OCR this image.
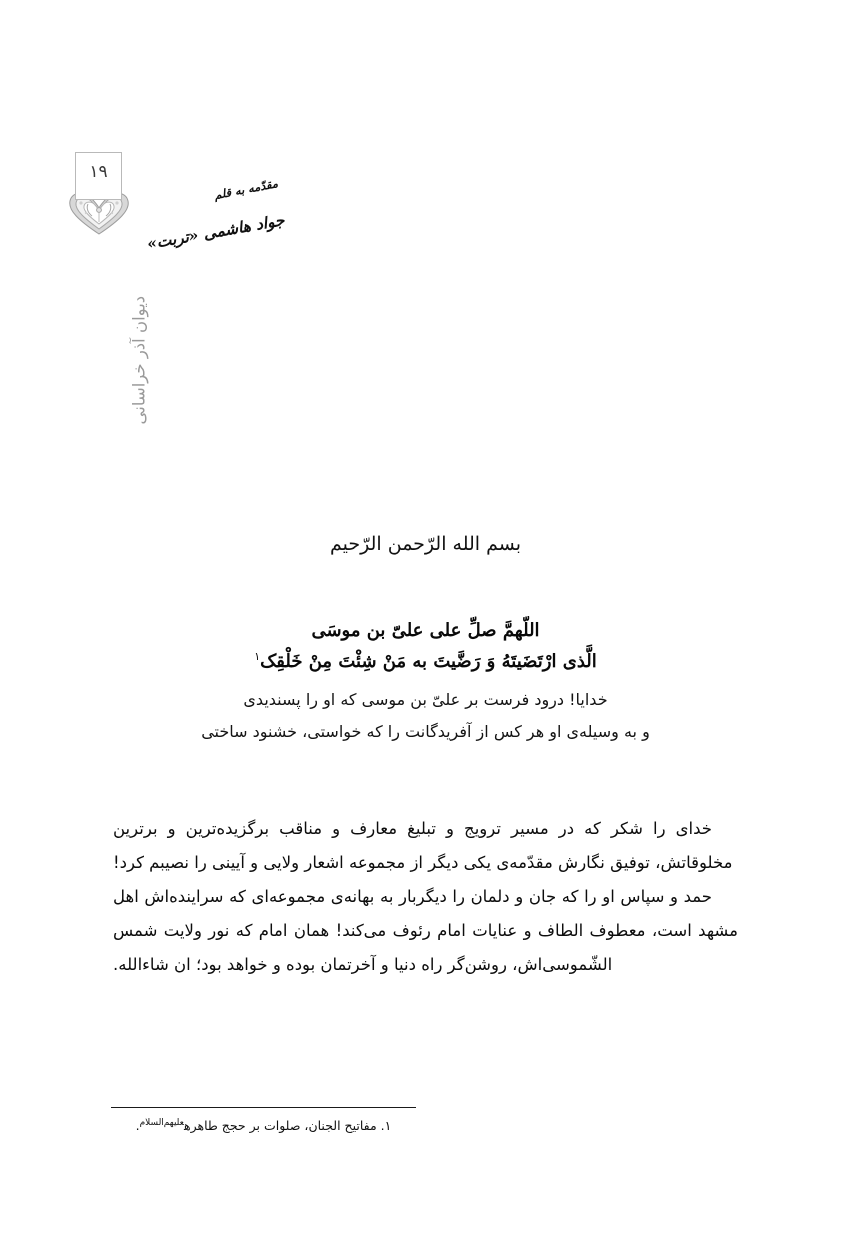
۱۹
دیوان آذر خراسانی
مقدّمه به قلم
جواد هاشمی «تربت»
بسم الله الرّحمن الرّحیم
اللّهمَّ صلِّ علی علیّ بن موسَی
الَّذی ارْتَضَیتَهُ وَ رَضَّیتَ به مَنْ شِئْتَ مِنْ خَلْقِک$^۱$
خدایا! درود فرست بر علیّ بن موسی که او را پسندیدی
و به وسیله‌ی او هر کس از آفریدگانت را که خواستی، خشنود ساختی

خدای را شکر که در مسیر ترویج و تبلیغ معارف و مناقب برگزیده‌ترین و برترین مخلوقاتش، توفیق نگارش مقدّمه‌ی یکی دیگر از مجموعه اشعار ولایی و آیینی را نصیبم کرد!

حمد و سپاس او را که جان و دلمان را دیگربار به بهانه‌ی مجموعه‌ای که سراینده‌اش اهل مشهد است، معطوف الطاف و عنایات امام رئوف می‌کند! همان امام که نور ولایت شمس الشّموسی‌اش، روشن‌گر راه دنیا و آخرتمان بوده و خواهد بود؛ ان شاءالله.

۱. مفاتیح الجنان، صلوات بر حجج طاهره$^{علیهم‌السلام}$.
